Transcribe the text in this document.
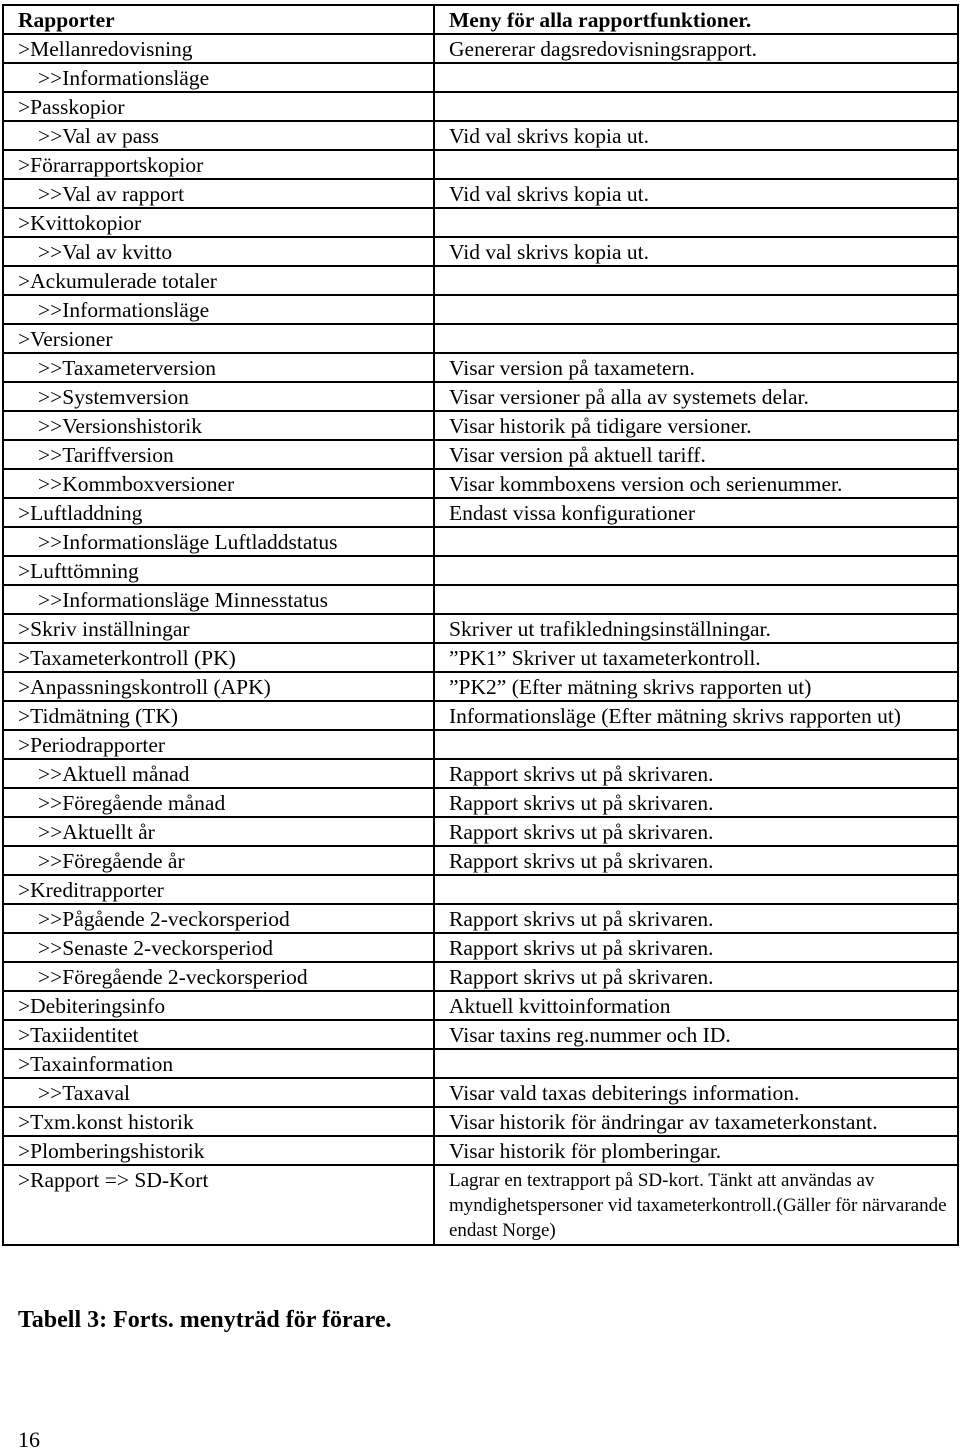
Rapporter	Meny för alla rapportfunktioner.
>Mellanredovisning	Genererar dagsredovisningsrapport.
>>Informationsläge	
>Passkopior	
>>Val av pass	Vid val skrivs kopia ut.
>Förarrapportskopior	
>>Val av rapport	Vid val skrivs kopia ut.
>Kvittokopior	
>>Val av kvitto	Vid val skrivs kopia ut.
>Ackumulerade totaler	
>>Informationsläge	
>Versioner	
>>Taxameterversion	Visar version på taxametern.
>>Systemversion	Visar versioner på alla av systemets delar.
>>Versionshistorik	Visar historik på tidigare versioner.
>>Tariffversion	Visar version på aktuell tariff.
>>Kommboxversioner	Visar kommboxens version och serienummer.
>Luftladdning	Endast vissa konfigurationer
>>Informationsläge Luftladdstatus	
>Lufttömning	
>>Informationsläge Minnesstatus	
>Skriv inställningar	Skriver ut trafikledningsinställningar.
>Taxameterkontroll (PK)	”PK1” Skriver ut taxameterkontroll.
>Anpassningskontroll (APK)	”PK2” (Efter mätning skrivs rapporten ut)
>Tidmätning (TK)	Informationsläge (Efter mätning skrivs rapporten ut)
>Periodrapporter	
>>Aktuell månad	Rapport skrivs ut på skrivaren.
>>Föregående månad	Rapport skrivs ut på skrivaren.
>>Aktuellt år	Rapport skrivs ut på skrivaren.
>>Föregående år	Rapport skrivs ut på skrivaren.
>Kreditrapporter	
>>Pågående 2-veckorsperiod	Rapport skrivs ut på skrivaren.
>>Senaste 2-veckorsperiod	Rapport skrivs ut på skrivaren.
>>Föregående 2-veckorsperiod	Rapport skrivs ut på skrivaren.
>Debiteringsinfo	Aktuell kvittoinformation
>Taxiidentitet	Visar taxins reg.nummer och ID.
>Taxainformation	
>>Taxaval	Visar vald taxas debiterings information.
>Txm.konst historik	Visar historik för ändringar av taxameterkonstant.
>Plomberingshistorik	Visar historik för plomberingar.
>Rapport => SD-Kort	Lagrar en textrapport på SD-kort. Tänkt att användas av myndighetspersoner vid taxameterkontroll.(Gäller för närvarande endast Norge)
Tabell 3: Forts. menyträd för förare.
16
